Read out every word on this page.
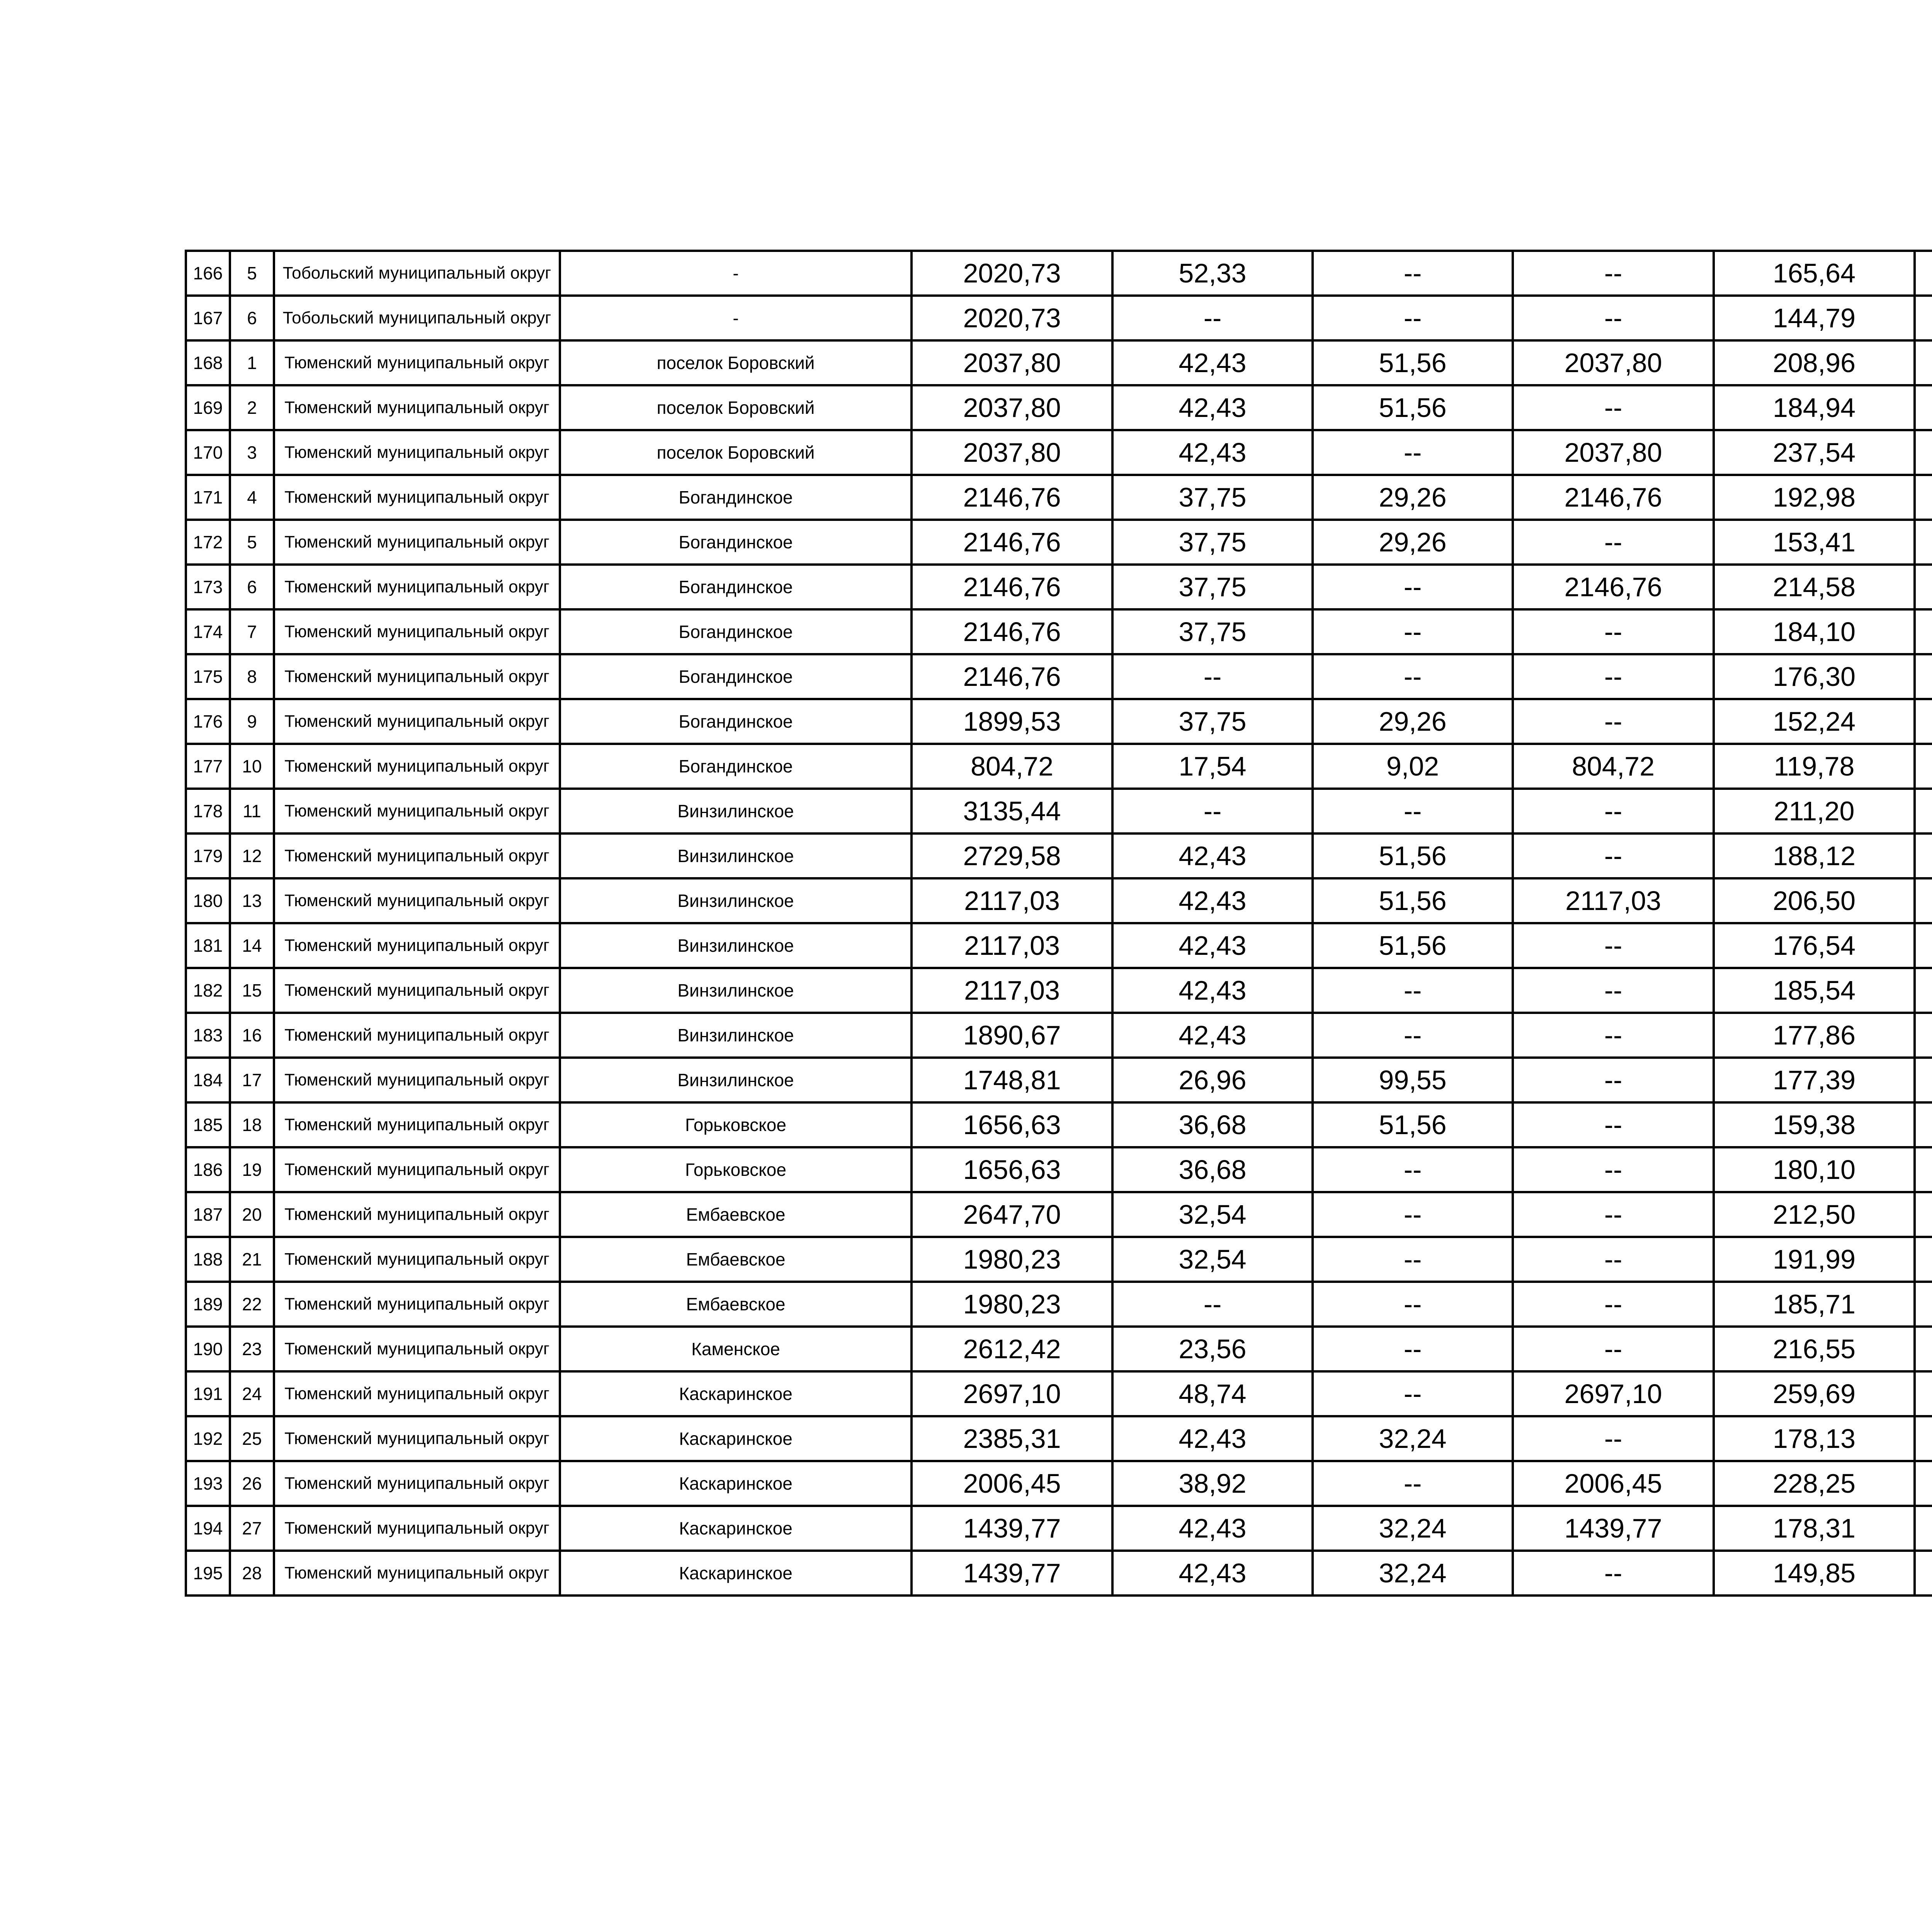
166	5	Тобольский муниципальный округ	-	2020,73	52,33	--	--	165,64			
167	6	Тобольский муниципальный округ	-	2020,73	--	--	--	144,79			
168	1	Тюменский муниципальный округ	поселок Боровский	2037,80	42,43	51,56	2037,80	208,96			
169	2	Тюменский муниципальный округ	поселок Боровский	2037,80	42,43	51,56	--	184,94			
170	3	Тюменский муниципальный округ	поселок Боровский	2037,80	42,43	--	2037,80	237,54			
171	4	Тюменский муниципальный округ	Богандинское	2146,76	37,75	29,26	2146,76	192,98			
172	5	Тюменский муниципальный округ	Богандинское	2146,76	37,75	29,26	--	153,41			
173	6	Тюменский муниципальный округ	Богандинское	2146,76	37,75	--	2146,76	214,58			
174	7	Тюменский муниципальный округ	Богандинское	2146,76	37,75	--	--	184,10			
175	8	Тюменский муниципальный округ	Богандинское	2146,76	--	--	--	176,30			
176	9	Тюменский муниципальный округ	Богандинское	1899,53	37,75	29,26	--	152,24			
177	10	Тюменский муниципальный округ	Богандинское	804,72	17,54	9,02	804,72	119,78			
178	11	Тюменский муниципальный округ	Винзилинское	3135,44	--	--	--	211,20			
179	12	Тюменский муниципальный округ	Винзилинское	2729,58	42,43	51,56	--	188,12			
180	13	Тюменский муниципальный округ	Винзилинское	2117,03	42,43	51,56	2117,03	206,50			
181	14	Тюменский муниципальный округ	Винзилинское	2117,03	42,43	51,56	--	176,54			
182	15	Тюменский муниципальный округ	Винзилинское	2117,03	42,43	--	--	185,54			
183	16	Тюменский муниципальный округ	Винзилинское	1890,67	42,43	--	--	177,86			
184	17	Тюменский муниципальный округ	Винзилинское	1748,81	26,96	99,55	--	177,39			
185	18	Тюменский муниципальный округ	Горьковское	1656,63	36,68	51,56	--	159,38			
186	19	Тюменский муниципальный округ	Горьковское	1656,63	36,68	--	--	180,10			
187	20	Тюменский муниципальный округ	Ембаевское	2647,70	32,54	--	--	212,50			
188	21	Тюменский муниципальный округ	Ембаевское	1980,23	32,54	--	--	191,99			
189	22	Тюменский муниципальный округ	Ембаевское	1980,23	--	--	--	185,71			
190	23	Тюменский муниципальный округ	Каменское	2612,42	23,56	--	--	216,55			
191	24	Тюменский муниципальный округ	Каскаринское	2697,10	48,74	--	2697,10	259,69			
192	25	Тюменский муниципальный округ	Каскаринское	2385,31	42,43	32,24	--	178,13			
193	26	Тюменский муниципальный округ	Каскаринское	2006,45	38,92	--	2006,45	228,25			
194	27	Тюменский муниципальный округ	Каскаринское	1439,77	42,43	32,24	1439,77	178,31			
195	28	Тюменский муниципальный округ	Каскаринское	1439,77	42,43	32,24	--	149,85			
